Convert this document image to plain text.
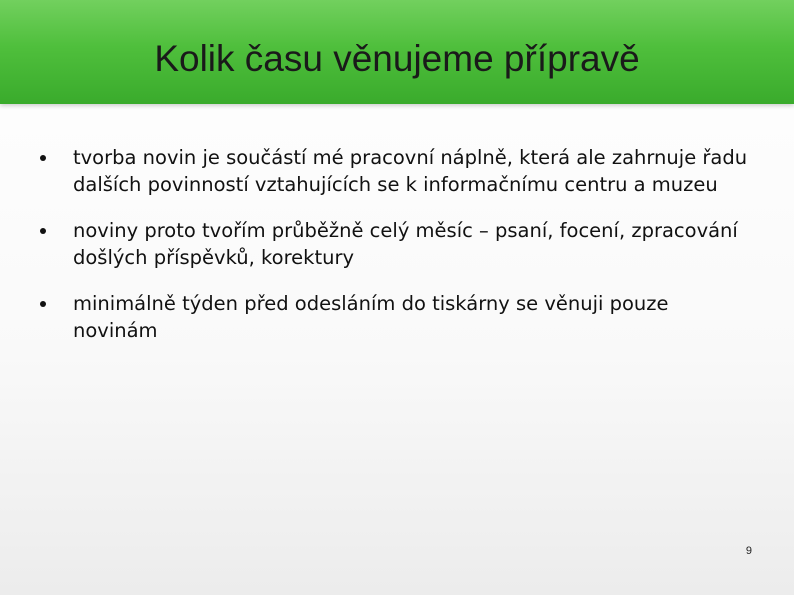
Kolik času věnujeme přípravě
tvorba novin je součástí mé pracovní náplně, která ale zahrnuje řadu dalších povinností vztahujících se k informačnímu centru a muzeu
noviny proto tvořím průběžně celý měsíc – psaní, focení, zpracování došlých příspěvků, korektury
minimálně týden před odesláním do tiskárny se věnuji pouze novinám
9
